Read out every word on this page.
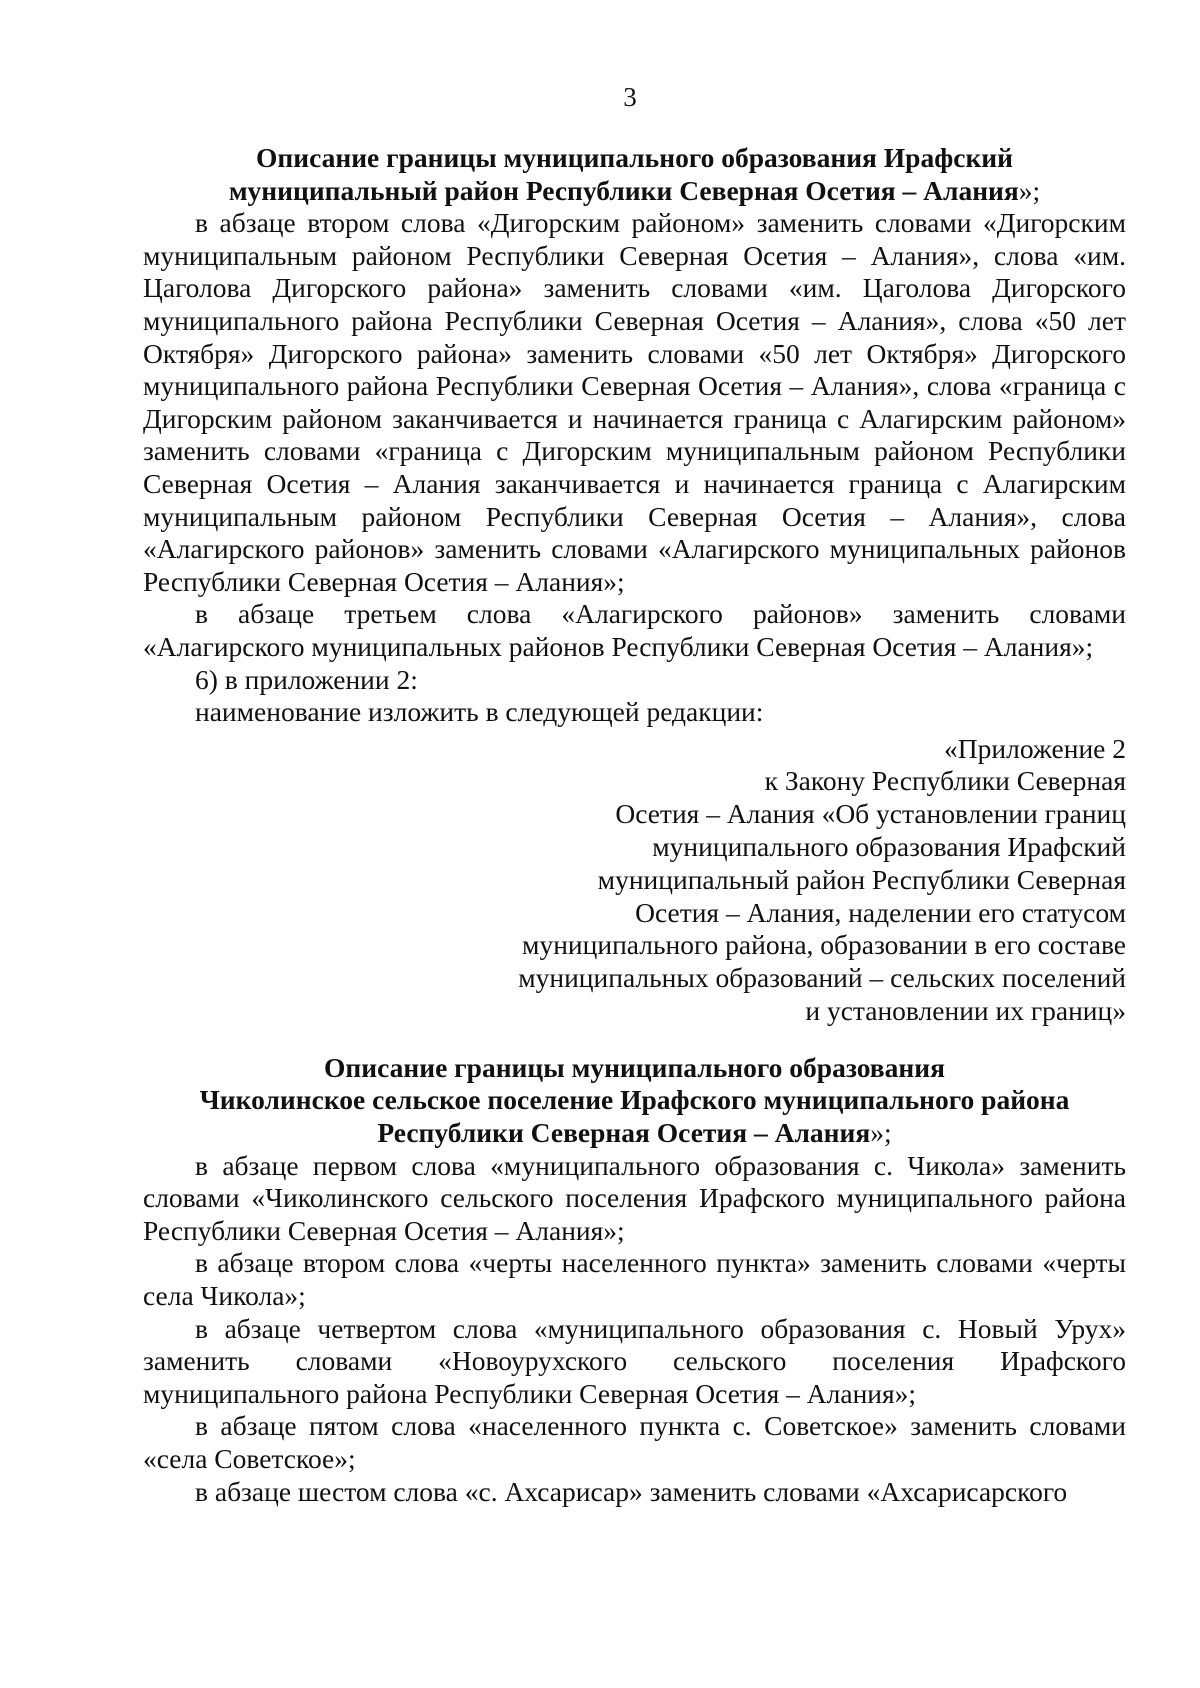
3

Описание границы муниципального образования Ирафский
муниципальный район Республики Северная Осетия – Алания»;

в абзаце втором слова «Дигорским районом» заменить словами «Дигорским муниципальным районом Республики Северная Осетия – Алания», слова «им. Цаголова Дигорского района» заменить словами «им. Цаголова Дигорского муниципального района Республики Северная Осетия – Алания», слова «50 лет Октября» Дигорского района» заменить словами «50 лет Октября» Дигорского муниципального района Республики Северная Осетия – Алания», слова «граница с Дигорским районом заканчивается и начинается граница с Алагирским районом» заменить словами «граница с Дигорским муниципальным районом Республики Северная Осетия – Алания заканчивается и начинается граница с Алагирским муниципальным районом Республики Северная Осетия – Алания», слова «Алагирского районов» заменить словами «Алагирского муниципальных районов Республики Северная Осетия – Алания»;

в абзаце третьем слова «Алагирского районов» заменить словами «Алагирского муниципальных районов Республики Северная Осетия – Алания»;

6) в приложении 2:

наименование изложить в следующей редакции:

«Приложение 2
к Закону Республики Северная
Осетия – Алания «Об установлении границ
муниципального образования Ирафский
муниципальный район Республики Северная
Осетия – Алания, наделении его статусом
муниципального района, образовании в его составе
муниципальных образований – сельских поселений
и установлении их границ»

Описание границы муниципального образования
Чиколинское сельское поселение Ирафского муниципального района
Республики Северная Осетия – Алания»;

в абзаце первом слова «муниципального образования с. Чикола» заменить словами «Чиколинского сельского поселения Ирафского муниципального района Республики Северная Осетия – Алания»;

в абзаце втором слова «черты населенного пункта» заменить словами «черты села Чикола»;

в абзаце четвертом слова «муниципального образования с. Новый Урух» заменить словами «Новоурухского сельского поселения Ирафского муниципального района Республики Северная Осетия – Алания»;

в абзаце пятом слова «населенного пункта с. Советское» заменить словами «села Советское»;

в абзаце шестом слова «с. Ахсарисар» заменить словами «Ахсарисарского
